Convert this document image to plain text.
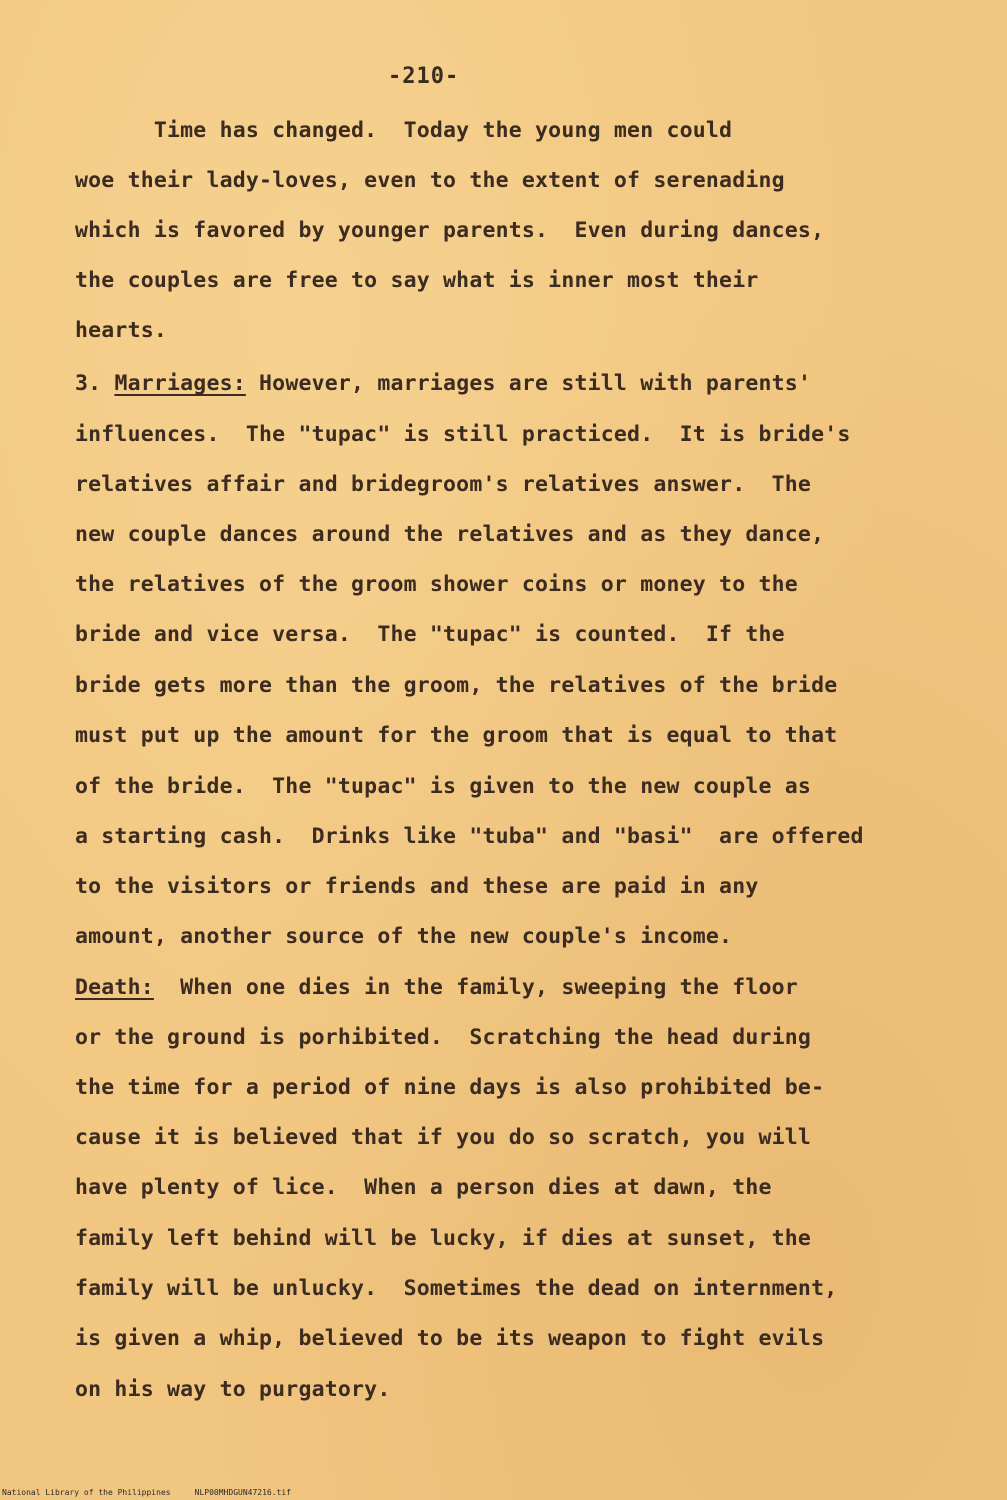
-210-
Time has changed.  Today the young men could
woe their lady-loves, even to the extent of serenading
which is favored by younger parents.  Even during dances,
the couples are free to say what is inner most their
hearts.
3. Marriages: However, marriages are still with parents'
influences.  The "tupac" is still practiced.  It is bride's
relatives affair and bridegroom's relatives answer.  The
new couple dances around the relatives and as they dance,
the relatives of the groom shower coins or money to the
bride and vice versa.  The "tupac" is counted.  If the
bride gets more than the groom, the relatives of the bride
must put up the amount for the groom that is equal to that
of the bride.  The "tupac" is given to the new couple as
a starting cash.  Drinks like "tuba" and "basi"  are offered
to the visitors or friends and these are paid in any
amount, another source of the new couple's income.
Death:  When one dies in the family, sweeping the floor
or the ground is porhibited.  Scratching the head during
the time for a period of nine days is also prohibited be-
cause it is believed that if you do so scratch, you will
have plenty of lice.  When a person dies at dawn, the
family left behind will be lucky, if dies at sunset, the
family will be unlucky.  Sometimes the dead on internment,
is given a whip, believed to be its weapon to fight evils
on his way to purgatory.
National Library of the Philippines     NLP00MHDGUN47216.tif
